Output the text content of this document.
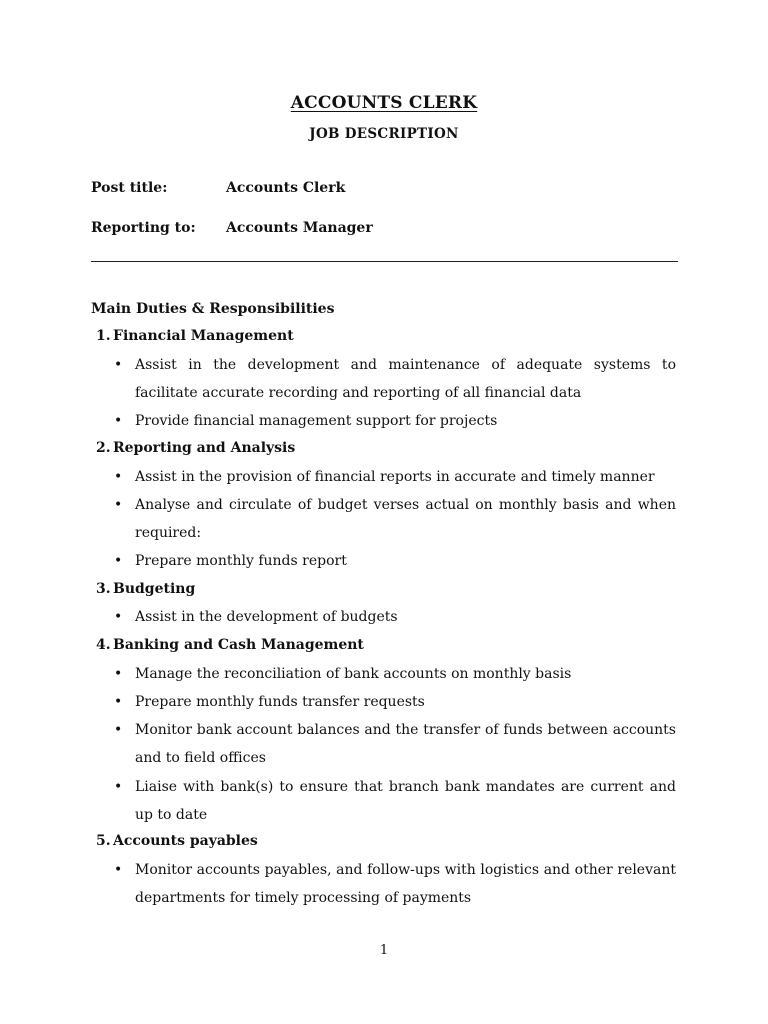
ACCOUNTS CLERK
JOB DESCRIPTION
Post title:	Accounts Clerk
Reporting to: Accounts Manager
Main Duties & Responsibilities
1. Financial Management
• Assist in the development and maintenance of adequate systems to facilitate accurate recording and reporting of all financial data
• Provide financial management support for projects
2. Reporting and Analysis
• Assist in the provision of financial reports in accurate and timely manner
• Analyse and circulate of budget verses actual on monthly basis and when required:
• Prepare monthly funds report
3. Budgeting
• Assist in the development of budgets
4. Banking and Cash Management
• Manage the reconciliation of bank accounts on monthly basis
• Prepare monthly funds transfer requests
• Monitor bank account balances and the transfer of funds between accounts and to field offices
• Liaise with bank(s) to ensure that branch bank mandates are current and up to date
5. Accounts payables
• Monitor accounts payables, and follow-ups with logistics and other relevant departments for timely processing of payments
1
